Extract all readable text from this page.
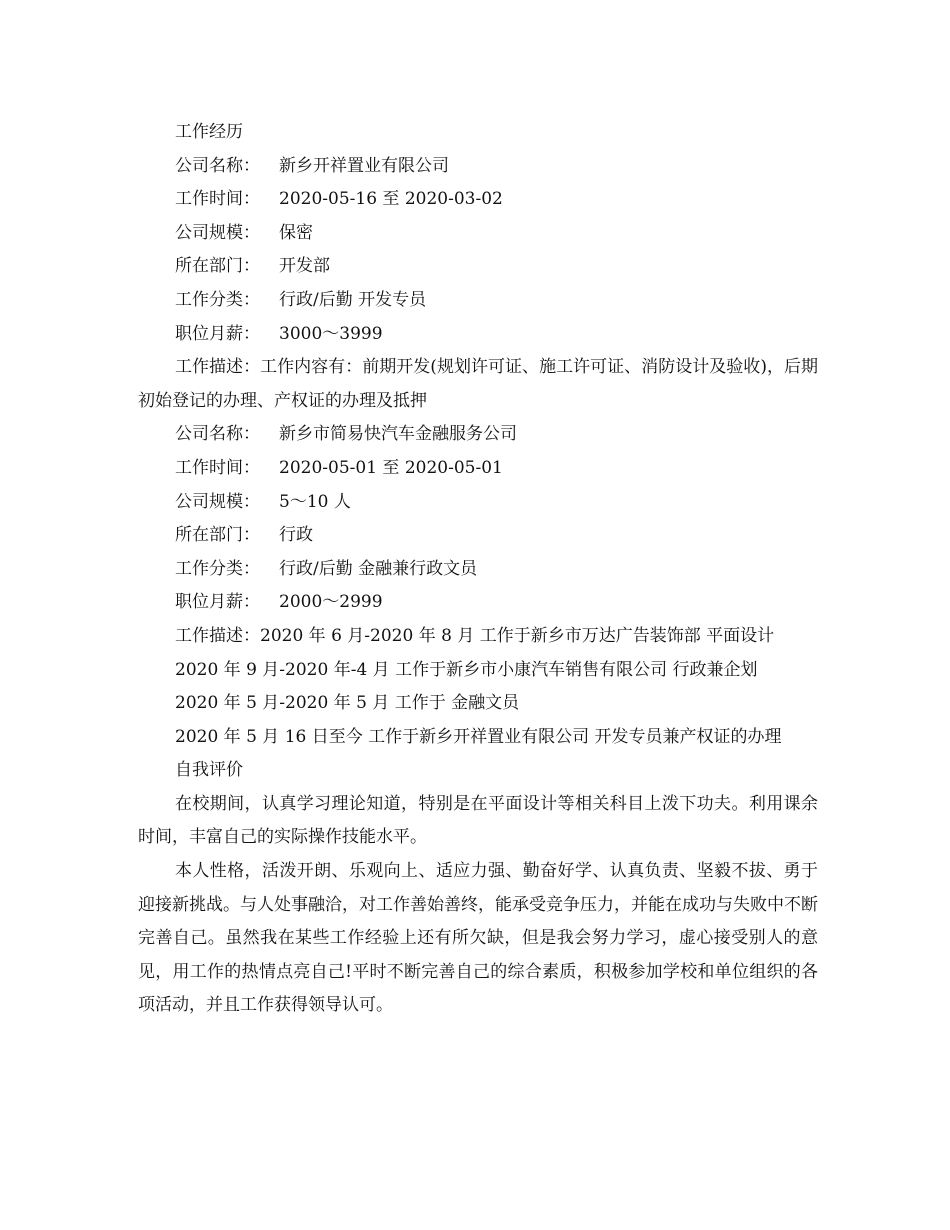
工作经历

公司名称： 新乡开祥置业有限公司

工作时间： 2020-05-16 至 2020-03-02

公司规模： 保密

所在部门： 开发部

工作分类： 行政/后勤 开发专员

职位月薪： 3000～3999

工作描述：工作内容有：前期开发(规划许可证、施工许可证、消防设计及验收)，后期初始登记的办理、产权证的办理及抵押

公司名称： 新乡市简易快汽车金融服务公司

工作时间： 2020-05-01 至 2020-05-01

公司规模： 5～10 人

所在部门： 行政

工作分类： 行政/后勤 金融兼行政文员

职位月薪： 2000～2999

工作描述：2020 年 6 月-2020 年 8 月 工作于新乡市万达广告装饰部 平面设计

2020 年 9 月-2020 年-4 月 工作于新乡市小康汽车销售有限公司 行政兼企划

2020 年 5 月-2020 年 5 月 工作于 金融文员

2020 年 5 月 16 日至今 工作于新乡开祥置业有限公司 开发专员兼产权证的办理

自我评价

在校期间，认真学习理论知道，特别是在平面设计等相关科目上泼下功夫。利用课余时间，丰富自己的实际操作技能水平。

本人性格，活泼开朗、乐观向上、适应力强、勤奋好学、认真负责、坚毅不拔、勇于迎接新挑战。与人处事融洽，对工作善始善终，能承受竞争压力，并能在成功与失败中不断完善自己。虽然我在某些工作经验上还有所欠缺，但是我会努力学习，虚心接受别人的意见，用工作的热情点亮自己!平时不断完善自己的综合素质，积极参加学校和单位组织的各项活动，并且工作获得领导认可。
